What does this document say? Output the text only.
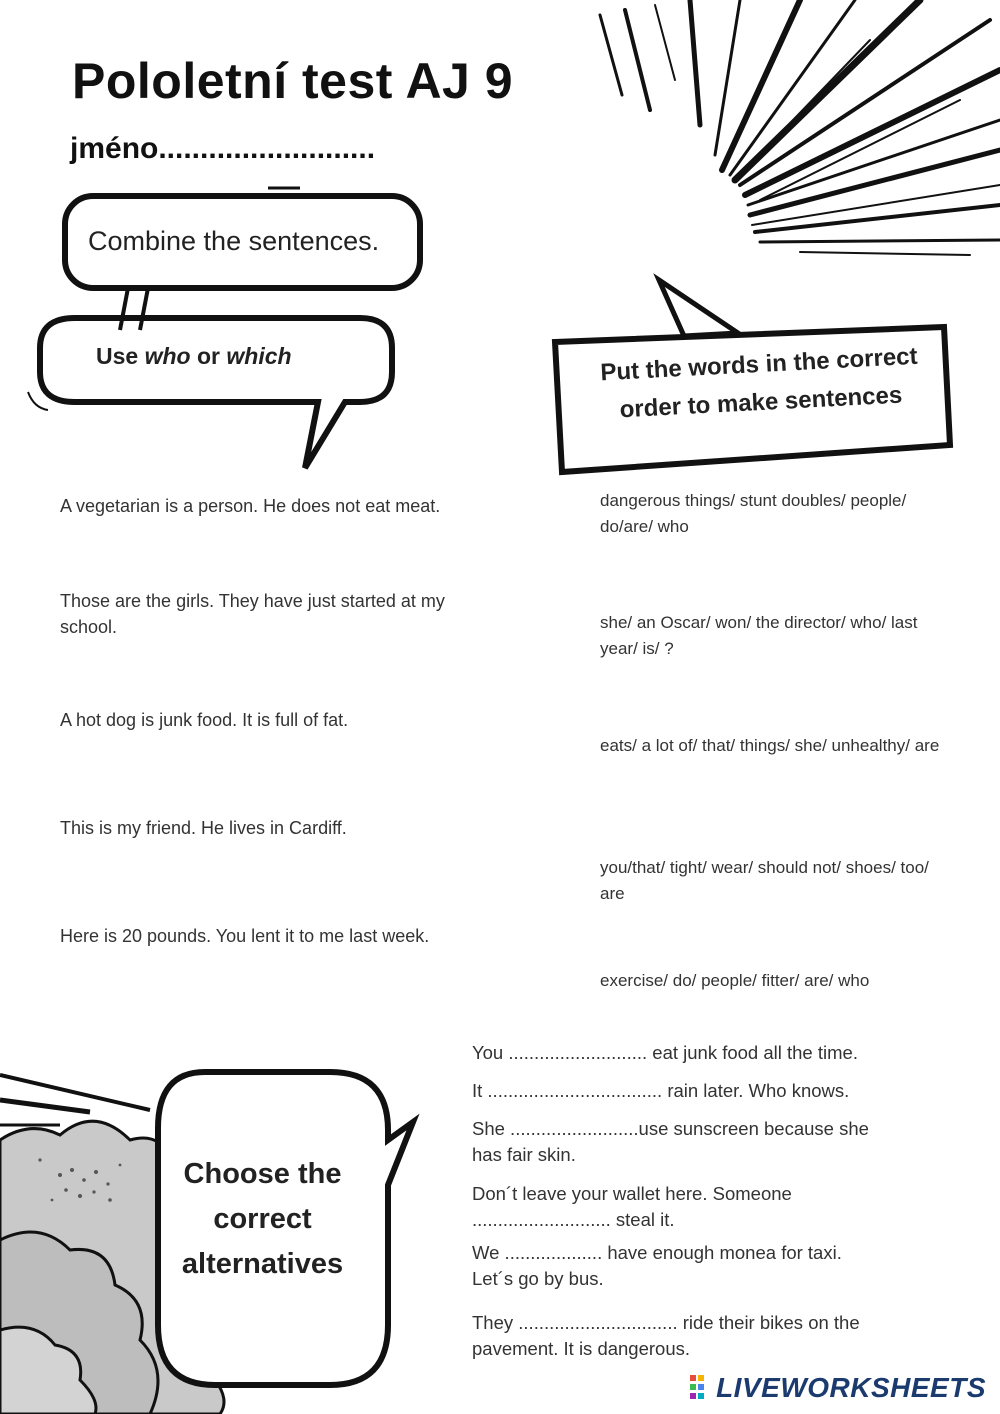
Pololetní test AJ 9
jméno..........................
Combine the sentences.
Use who or which	Put the words in the correct order to make sentences
Choose the correct alternatives
A vegetarian is a person. He does not eat meat.
Those are the girls. They have just started at my school.
A hot dog is junk food. It is full of fat.
This is my friend. He lives in Cardiff.
Here is 20 pounds. You lent it to me last week.
dangerous things/ stunt doubles/ people/ do/are/ who
she/ an Oscar/ won/ the director/ who/ last year/ is/ ?
eats/ a lot of/ that/ things/ she/ unhealthy/ are
you/that/ tight/ wear/ should not/ shoes/ too/ are
exercise/ do/ people/ fitter/ are/ who
You ........................... eat junk food all the time.
It .................................. rain later. Who knows.
She .........................use sunscreen because she has fair skin.
Don´t leave your wallet here. Someone ........................... steal it.
We ................... have enough monea for taxi. Let´s go by bus.
They ............................... ride their bikes on the pavement. It is dangerous.
LIVEWORKSHEETS
